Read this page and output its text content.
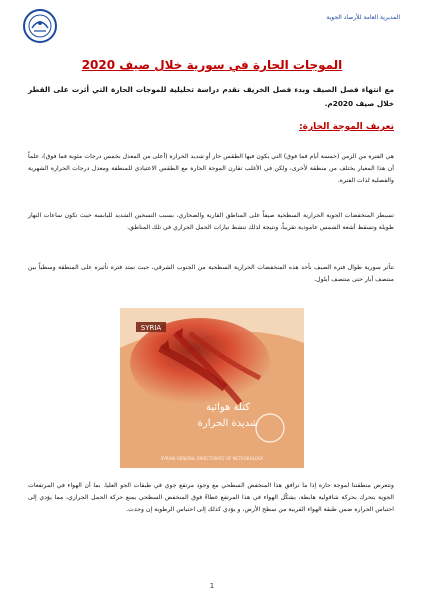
المديرية العامة للأرصاد الجوية
الموجات الحارة في سورية خلال صيف 2020
مع انتهاء فصل الصيف وبدء فصل الخريف نقدم دراسة تحليلية للموجات الحارة التي أثرت على القطر خلال صيف 2020م.
تعريف الموجة الحارة:
هي الفترة من الزمن (خمسة أيام فما فوق) التي يكون فيها الطقس حار أو شديد الحرارة (أعلى من المعدل بخمس درجات مئوية فما فوق)، علماً أن هذا المعيار يختلف من منطقة لأخرى، ولكن في الأغلب تقارن الموجة الحارة مع الطقس الاعتيادي للمنطقة ومعدل درجات الحرارة الشهرية والفصلية لذات الفترة.
تسيطر المنخفضات الجوية الحرارية السطحية صيفاً على المناطق القارية والصحاري، بسبب التسخين الشديد لليابسة حيث تكون ساعات النهار طويلة وتسقط أشعة الشمس عامودية تقريباً، ونتيجة لذلك تنشط تيارات الحمل الحراري في تلك المناطق.
تتأثر سورية طوال فترة الصيف بأحد هذه المنخفضات الحرارية السطحية من الجنوب الشرقي، حيث تمتد فترة تأثيره على المنطقة وسطياً بين منتصف أيار حتى منتصف أيلول.
SYRIA
كتلة هوائية
شديدة الحرارة
SYRIAN GENERAL DIRECTORATE OF METEOROLOGY
وتتعرض منطقتنا لموجة حارة إذا ما ترافق هذا المنخفض السطحي مع وجود مرتفع جوي في طبقات الجو العليا. بما أن الهواء في المرتفعات الجوية يتحرك بحركة شاقولية هابطة، يشكّل الهواء في هذا المرتفع غطاءً فوق المنخفض السطحي يمنع حركة الحمل الحراري، مما يؤدي إلى احتباس الحرارة ضمن طبقة الهواء القريبة من سطح الأرض، و يؤدي كذلك إلى احتباس الرطوبة إن وجدت.
1
